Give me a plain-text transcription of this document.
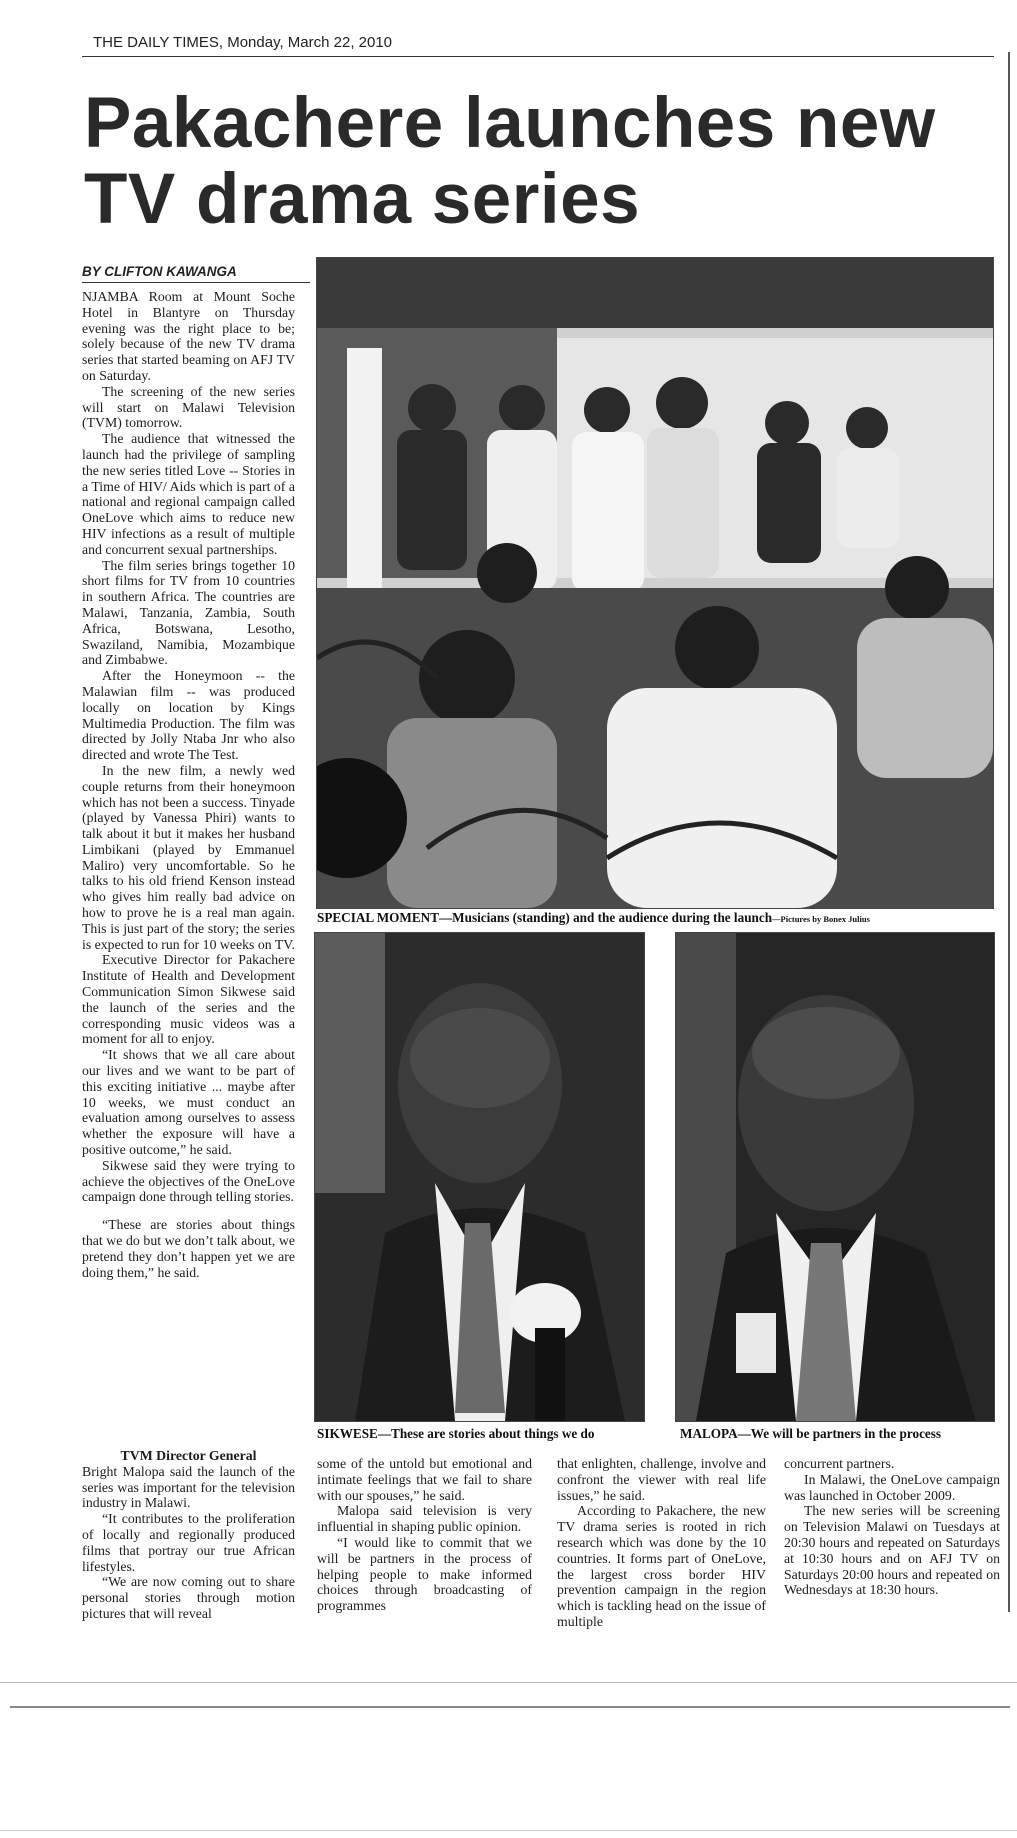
THE DAILY TIMES, Monday, March 22, 2010
Pakachere launches new TV drama series
BY CLIFTON KAWANGA

NJAMBA Room at Mount Soche Hotel in Blantyre on Thursday evening was the right place to be; solely because of the new TV drama series that started beaming on AFJ TV on Saturday.

The screening of the new series will start on Malawi Television (TVM) tomorrow.

The audience that witnessed the launch had the privilege of sampling the new series titled Love -- Stories in a Time of HIV/ Aids which is part of a national and regional campaign called OneLove which aims to reduce new HIV infections as a result of multiple and concurrent sexual partnerships.

The film series brings together 10 short films for TV from 10 countries in southern Africa. The countries are Malawi, Tanzania, Zambia, South Africa, Botswana, Lesotho, Swaziland, Namibia, Mozambique and Zimbabwe.

After the Honeymoon -- the Malawian film -- was produced locally on location by Kings Multimedia Production. The film was directed by Jolly Ntaba Jnr who also directed and wrote The Test.

In the new film, a newly wed couple returns from their honeymoon which has not been a success. Tinyade (played by Vanessa Phiri) wants to talk about it but it makes her husband Limbikani (played by Emmanuel Maliro) very uncomfortable. So he talks to his old friend Kenson instead who gives him really bad advice on how to prove he is a real man again. This is just part of the story; the series is expected to run for 10 weeks on TV.

Executive Director for Pakachere Institute of Health and Development Communication Simon Sikwese said the launch of the series and the corresponding music videos was a moment for all to enjoy.

“It shows that we all care about our lives and we want to be part of this exciting initiative ... maybe after 10 weeks, we must conduct an evaluation among ourselves to assess whether the exposure will have a positive outcome,” he said.

Sikwese said they were trying to achieve the objectives of the OneLove campaign done through telling stories.

“These are stories about things that we do but we don’t talk about, we pretend they don’t happen yet we are doing them,” he said.

TVM Director General

Bright Malopa said the launch of the series was important for the television industry in Malawi.

“It contributes to the proliferation of locally and regionally produced films that portray our true African lifestyles.

“We are now coming out to share personal stories through motion pictures that will reveal

SPECIAL MOMENT—Musicians (standing) and the audience during the launch—Pictures by Bonex Julius
SIKWESE—These are stories about things we do	MALOPA—We will be partners in the process

some of the untold but emotional and intimate feelings that we fail to share with our spouses,” he said.

Malopa said television is very influential in shaping public opinion.

“I would like to commit that we will be partners in the process of helping people to make informed choices through broadcasting of programmes

that enlighten, challenge, involve and confront the viewer with real life issues,” he said.

According to Pakachere, the new TV drama series is rooted in rich research which was done by the 10 countries. It forms part of OneLove, the largest cross border HIV prevention campaign in the region which is tackling head on the issue of multiple

concurrent partners.

In Malawi, the OneLove campaign was launched in October 2009.

The new series will be screening on Television Malawi on Tuesdays at 20:30 hours and repeated on Saturdays at 10:30 hours and on AFJ TV on Saturdays 20:00 hours and repeated on Wednesdays at 18:30 hours.
